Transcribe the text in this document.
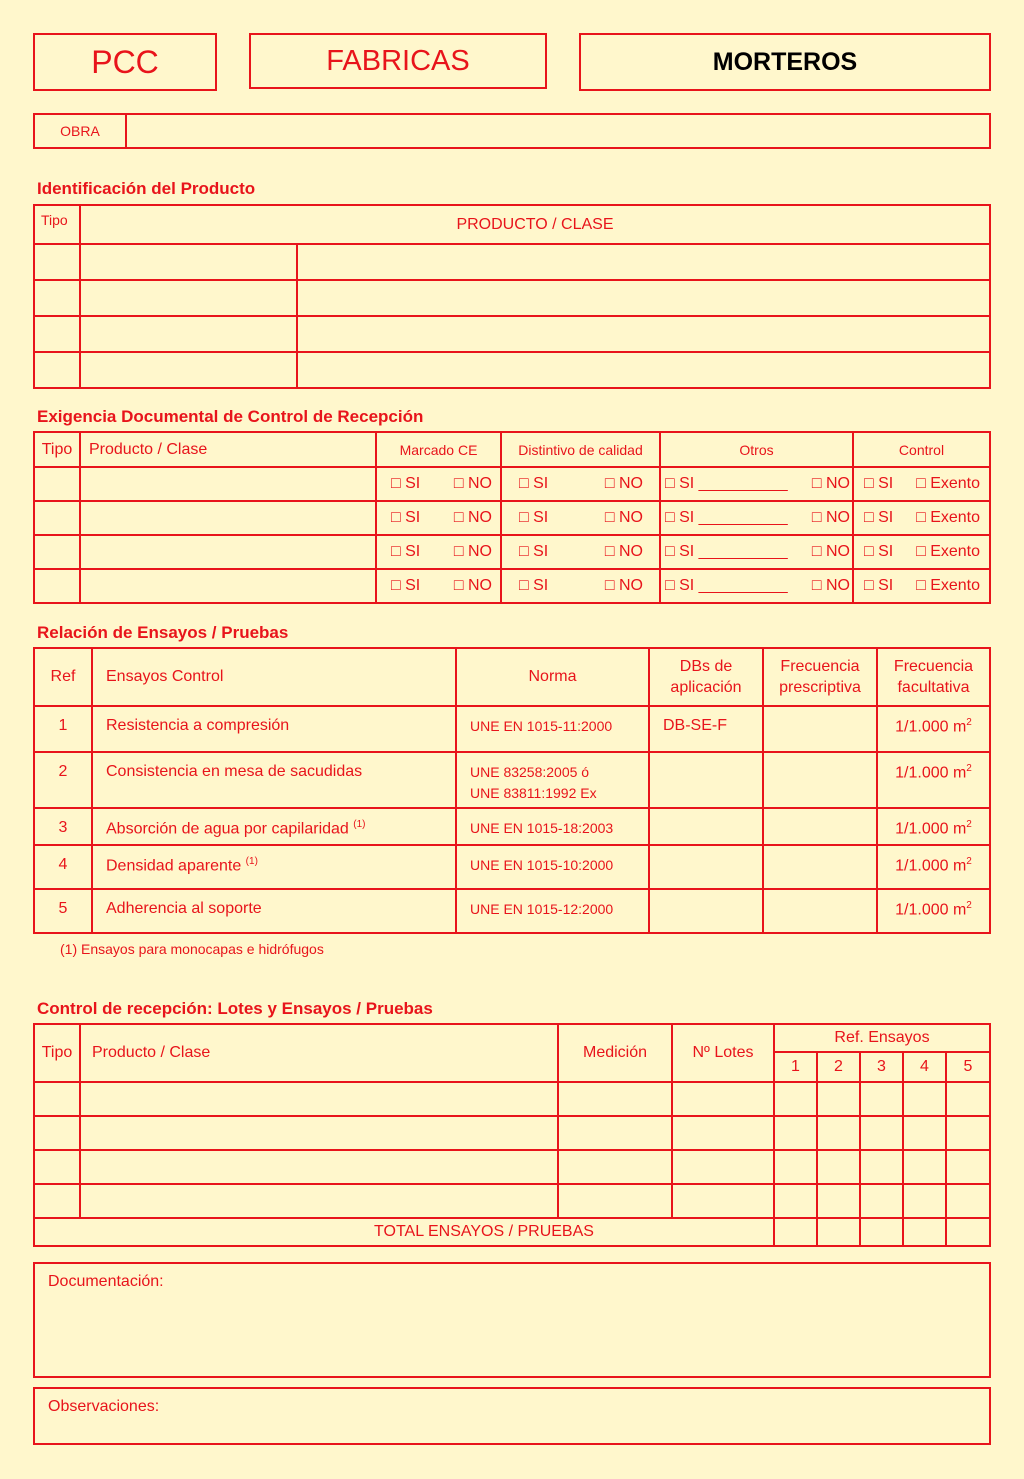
PCC	FABRICAS	MORTEROS
OBRA	
Identificación del Producto
Tipo	PRODUCTO / CLASE	

Exigencia Documental de Control de Recepción
Tipo	Producto / Clase	Marcado CE	Distintivo de calidad	Otros	Control

		□ SI □ NO	□ SI □ NO	□ SI __________ □ NO	□ SI □ Exento

		□ SI □ NO	□ SI □ NO	□ SI __________ □ NO	□ SI □ Exento

		□ SI □ NO	□ SI □ NO	□ SI __________ □ NO	□ SI □ Exento

		□ SI □ NO	□ SI □ NO	□ SI __________ □ NO	□ SI □ Exento
Relación de Ensayos / Pruebas
Ref	Ensayos Control	Norma	DBs de aplicación	Frecuencia prescriptiva	Frecuencia facultativa
1	Resistencia a compresión	UNE EN 1015-11:2000	DB-SE-F		1/1.000 $m^2$
2	Consistencia en mesa de sacudidas	UNE 83258:2005 ó
UNE 83811:1992 Ex			1/1.000 $m^2$
3	Absorción de agua por capilaridad $^{(1)}$	UNE EN 1015-18:2003			1/1.000 $m^2$
4	Densidad aparente $^{(1)}$	UNE EN 1015-10:2000			1/1.000 $m^2$
5	Adherencia al soporte	UNE EN 1015-12:2000			1/1.000 $m^2$
(1) Ensayos para monocapas e hidrófugos
Control de recepción: Lotes y Ensayos / Pruebas
Tipo	Producto / Clase	Medición	Nº Lotes	Ref. Ensayos				
				1	2	3	4	5

TOTAL ENSAYOS / PRUEBAS								
Documentación:
Observaciones:
